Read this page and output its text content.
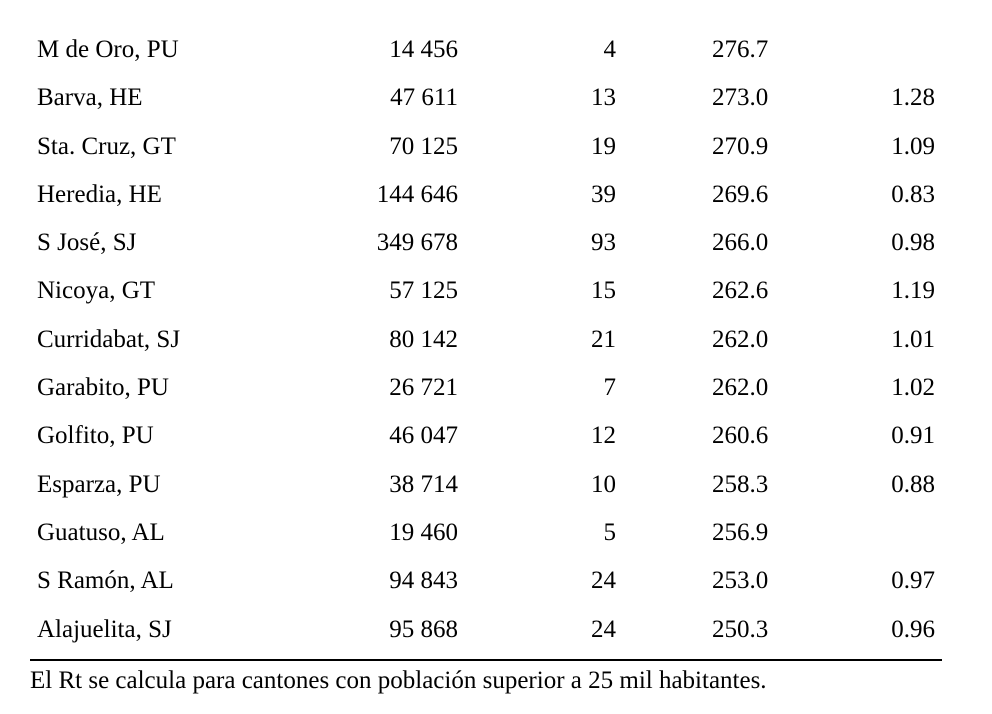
M de Oro, PU	14 456	4	276.7
Barva, HE	47 611	13	273.0	1.28
Sta. Cruz, GT	70 125	19	270.9	1.09
Heredia, HE	144 646	39	269.6	0.83
S José, SJ	349 678	93	266.0	0.98
Nicoya, GT	57 125	15	262.6	1.19
Curridabat, SJ	80 142	21	262.0	1.01
Garabito, PU	26 721	7	262.0	1.02
Golfito, PU	46 047	12	260.6	0.91
Esparza, PU	38 714	10	258.3	0.88
Guatuso, AL	19 460	5	256.9
S Ramón, AL	94 843	24	253.0	0.97
Alajuelita, SJ	95 868	24	250.3	0.96
El Rt se calcula para cantones con población superior a 25 mil habitantes.
